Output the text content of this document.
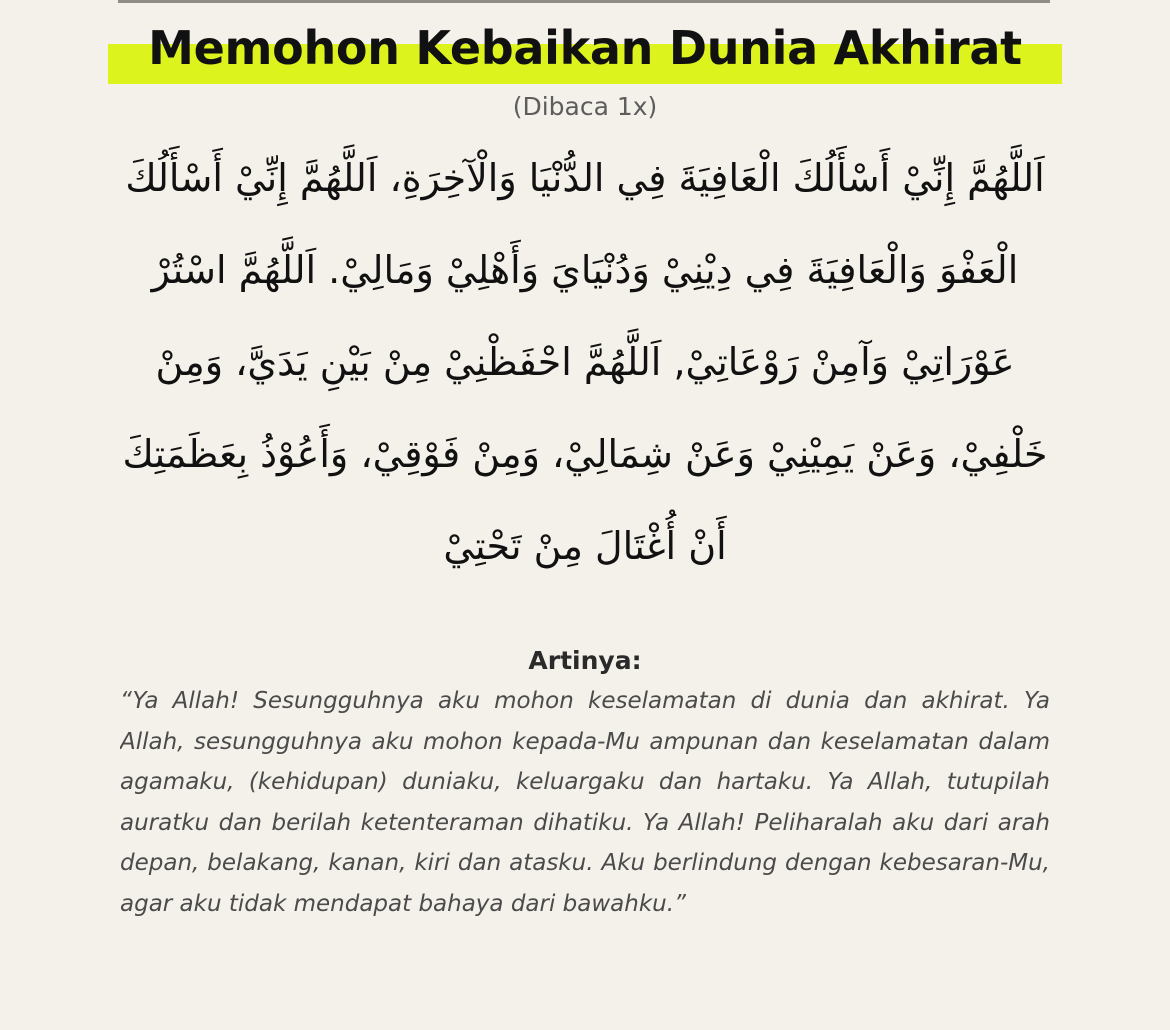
Memohon Kebaikan Dunia Akhirat
(Dibaca 1x)
اَللَّهُمَّ إِنِّيْ أَسْأَلُكَ الْعَافِيَةَ فِي الدُّنْيَا وَالْآخِرَةِ، اَللَّهُمَّ إِنِّيْ أَسْأَلُكَ
الْعَفْوَ وَالْعَافِيَةَ فِي دِيْنِيْ وَدُنْيَايَ وَأَهْلِيْ وَمَالِيْ. اَللَّهُمَّ اسْتُرْ
عَوْرَاتِيْ وَآمِنْ رَوْعَاتِيْ, اَللَّهُمَّ احْفَظْنِيْ مِنْ بَيْنِ يَدَيَّ، وَمِنْ
خَلْفِيْ، وَعَنْ يَمِيْنِيْ وَعَنْ شِمَالِيْ، وَمِنْ فَوْقِيْ، وَأَعُوْذُ بِعَظَمَتِكَ
أَنْ أُغْتَالَ مِنْ تَحْتِيْ
Artinya:

“Ya Allah! Sesungguhnya aku mohon keselamatan di dunia dan akhirat. Ya Allah, sesungguhnya aku mohon kepada-Mu ampunan dan keselamatan dalam agamaku, (kehidupan) duniaku, keluargaku dan hartaku. Ya Allah, tutupilah auratku dan berilah ketenteraman dihatiku. Ya Allah! Peliharalah aku dari arah depan, belakang, kanan, kiri dan atasku. Aku berlindung dengan kebesaran-Mu, agar aku tidak mendapat bahaya dari bawahku.”
